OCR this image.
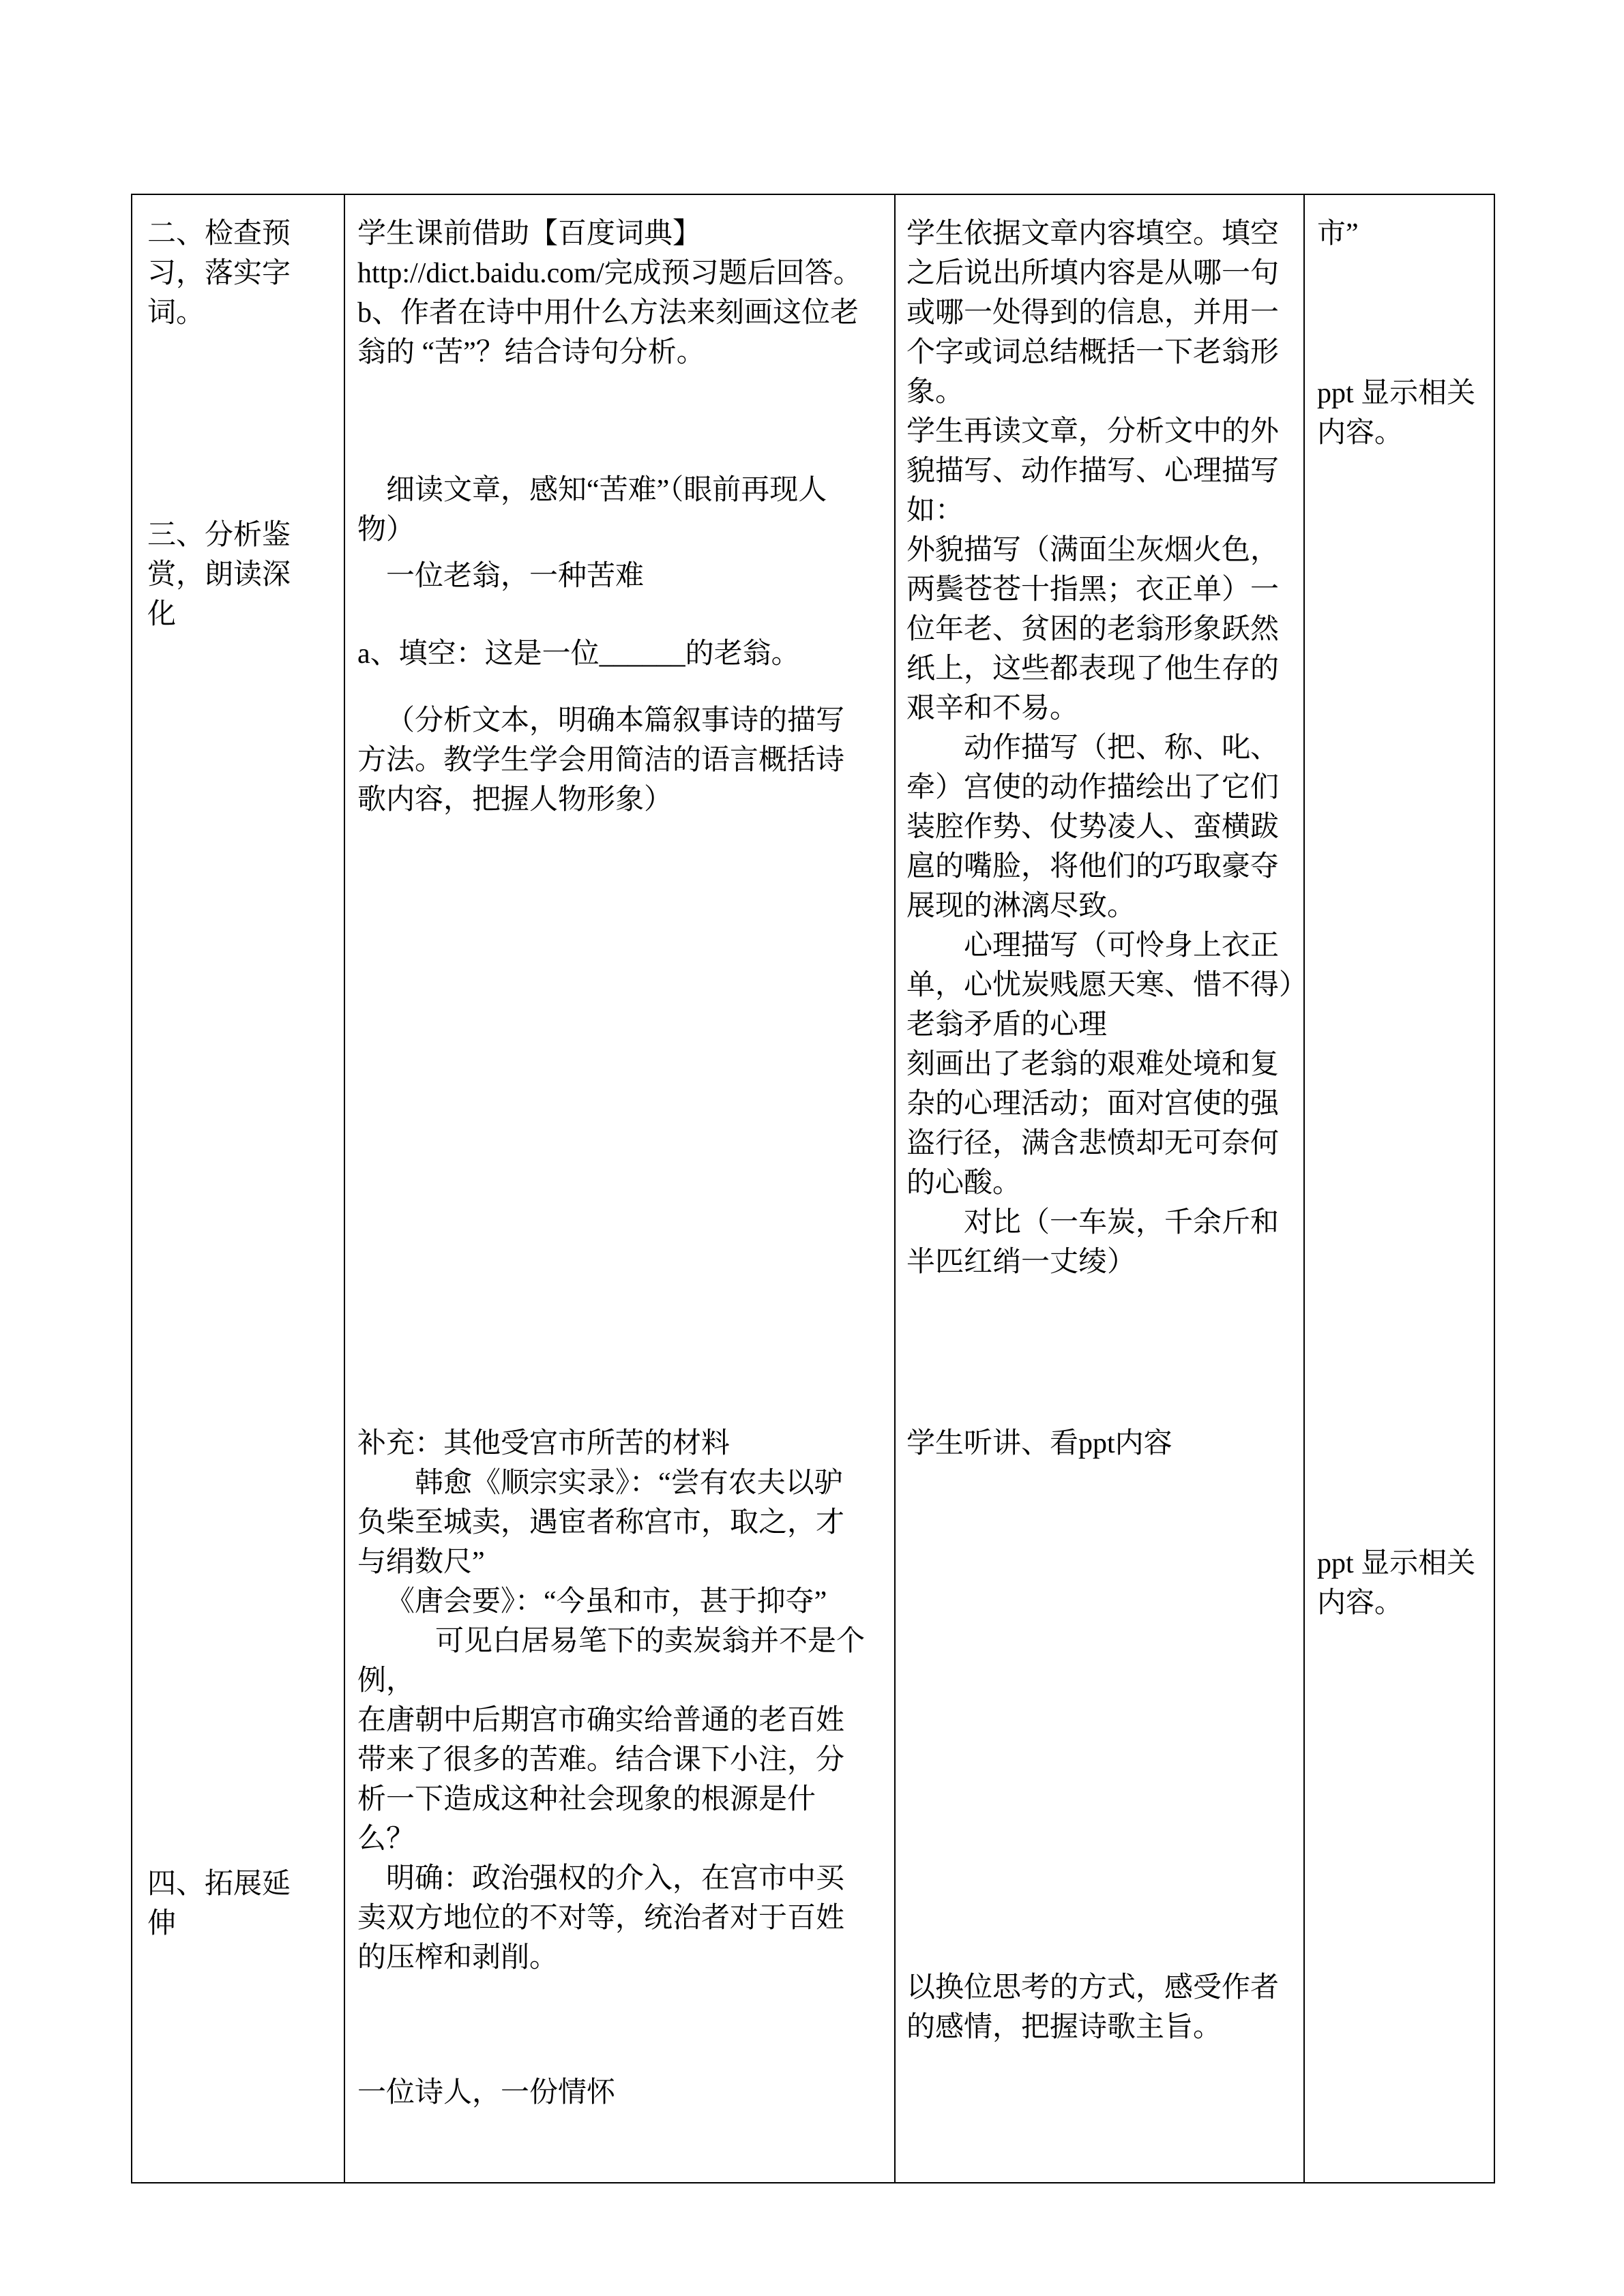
二、检查预习，落实字词。

三、分析鉴赏，朗读深化

四、拓展延伸

学生课前借助【百度词典】http://dict.baidu.com/完成预习题后回答。

b、作者在诗中用什么方法来刻画这位老翁的 “苦”？结合诗句分析。

细读文章，感知“苦难”（眼前再现人物）

一位老翁，一种苦难

a、填空：这是一位______的老翁。

（分析文本，明确本篇叙事诗的描写方法。教学生学会用简洁的语言概括诗歌内容，把握人物形象）

补充：其他受宫市所苦的材料

韩愈《顺宗实录》：“尝有农夫以驴负柴至城卖，遇宦者称宫市，取之，才与绢数尺”

《唐会要》：“今虽和市，甚于抑夺”

可见白居易笔下的卖炭翁并不是个例，

在唐朝中后期宫市确实给普通的老百姓带来了很多的苦难。结合课下小注，分析一下造成这种社会现象的根源是什么？

明确：政治强权的介入，在宫市中买卖双方地位的不对等，统治者对于百姓的压榨和剥削。

一位诗人，一份情怀

学生依据文章内容填空。填空之后说出所填内容是从哪一句或哪一处得到的信息，并用一个字或词总结概括一下老翁形象。

学生再读文章，分析文中的外貌描写、动作描写、心理描写如：

外貌描写（满面尘灰烟火色，两鬓苍苍十指黑；衣正单）一位年老、贫困的老翁形象跃然纸上，这些都表现了他生存的艰辛和不易。

动作描写（把、称、叱、牵）宫使的动作描绘出了它们装腔作势、仗势凌人、蛮横跋扈的嘴脸，将他们的巧取豪夺展现的淋漓尽致。

心理描写（可怜身上衣正单，心忧炭贱愿天寒、惜不得）老翁矛盾的心理

刻画出了老翁的艰难处境和复杂的心理活动；面对宫使的强盗行径，满含悲愤却无可奈何的心酸。

对比（一车炭，千余斤和半匹红绡一丈绫）

学生听讲、看ppt内容

以换位思考的方式，感受作者的感情，把握诗歌主旨。

市”

ppt 显示相关内容。

ppt 显示相关内容。
